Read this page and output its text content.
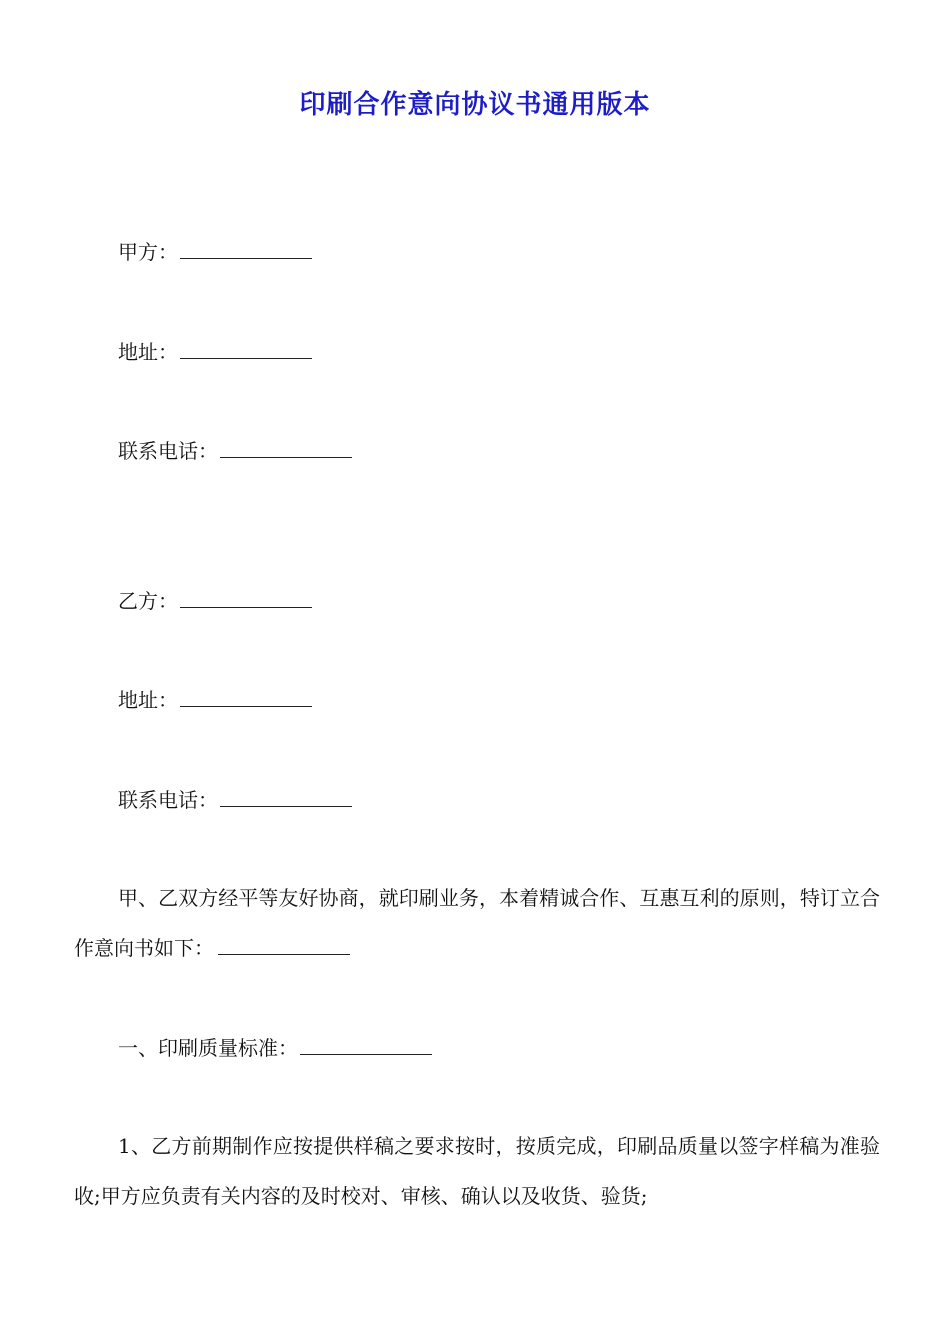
印刷合作意向协议书通用版本
甲方：
地址：
联系电话：
乙方：
地址：
联系电话：
甲、乙双方经平等友好协商，就印刷业务，本着精诚合作、互惠互利的原则，特订立合作意向书如下：
一、印刷质量标准：
1、乙方前期制作应按提供样稿之要求按时，按质完成，印刷品质量以签字样稿为准验收;甲方应负责有关内容的及时校对、审核、确认以及收货、验货;
